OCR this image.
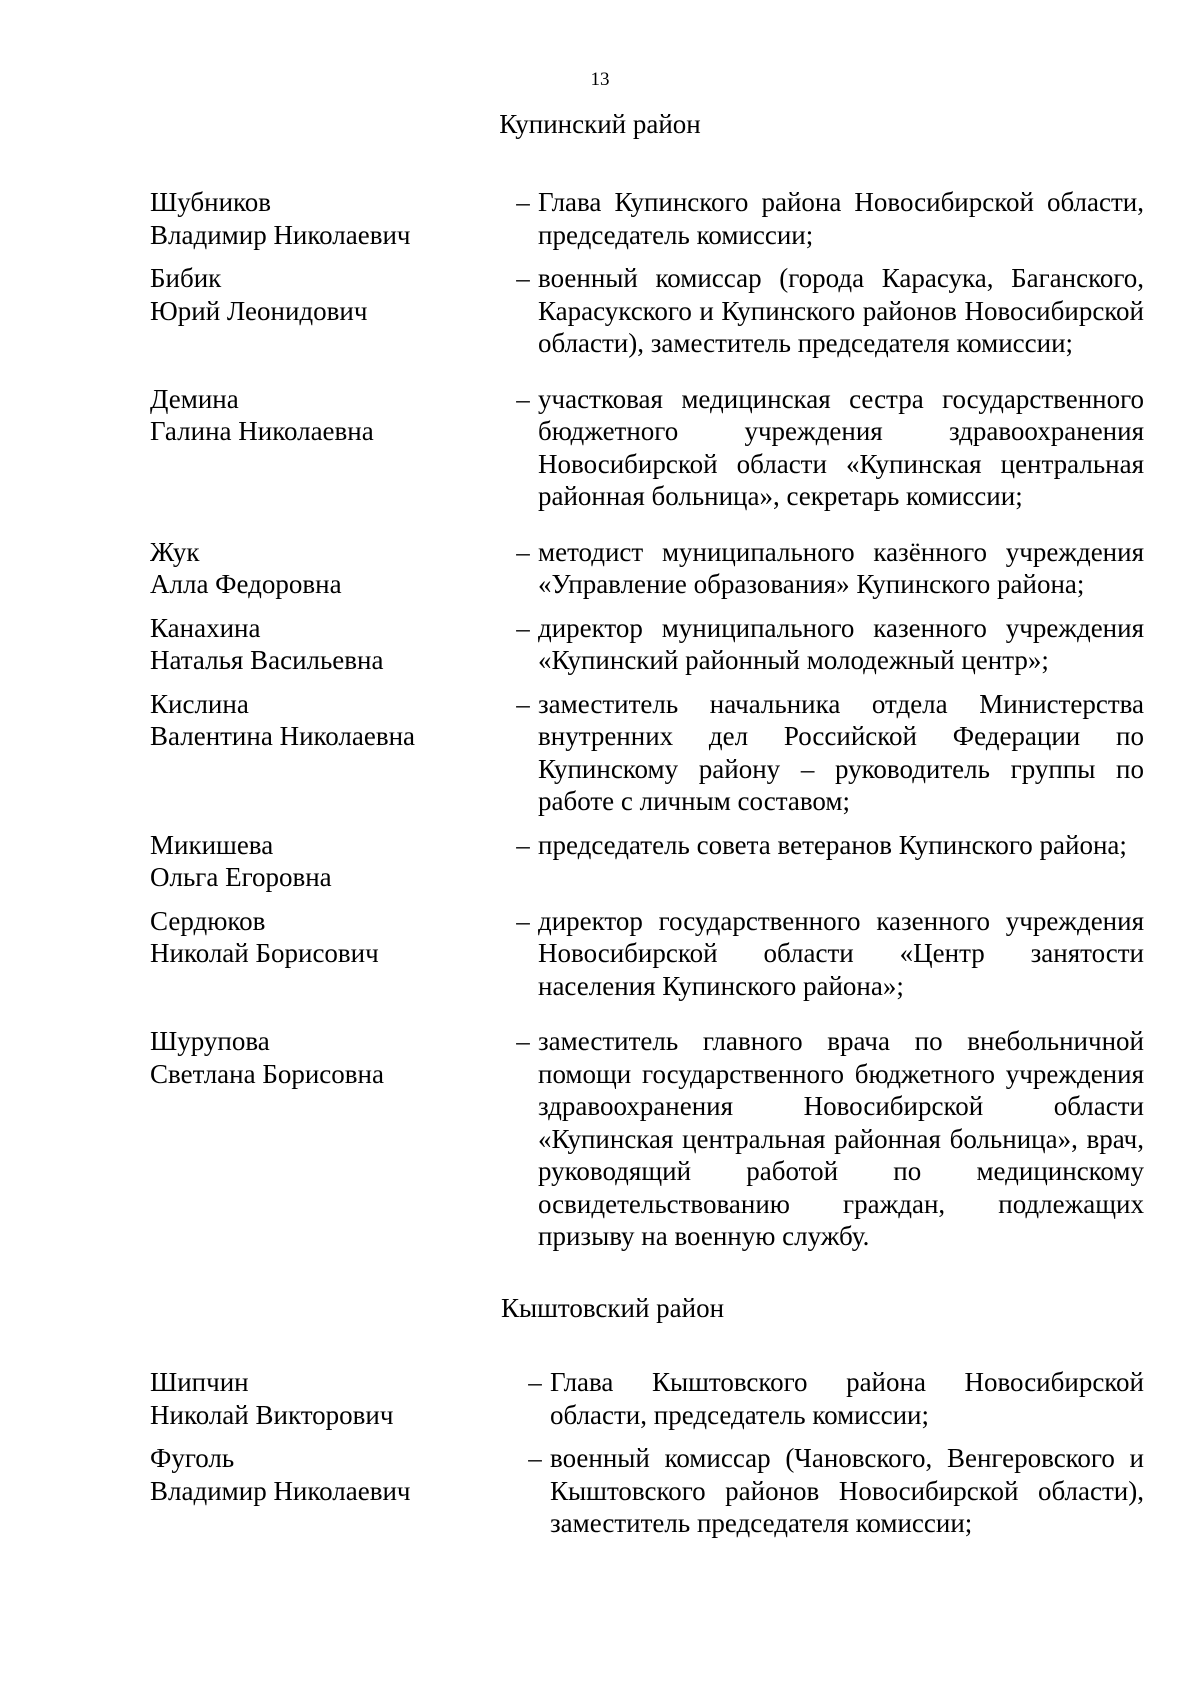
13
Купинский район
Шубников
Владимир Николаевич
– Глава Купинского района Новосибирской области, председатель комиссии;
Бибик
Юрий Леонидович
– военный комиссар (города Карасука, Баганского, Карасукского и Купинского районов Новосибирской области), заместитель председателя комиссии;
Демина
Галина Николаевна
– участковая медицинская сестра государственного бюджетного учреждения здравоохранения Новосибирской области «Купинская центральная районная больница», секретарь комиссии;
Жук
Алла Федоровна
– методист муниципального казённого учреждения «Управление образования» Купинского района;
Канахина
Наталья Васильевна
– директор муниципального казенного учреждения «Купинский районный молодежный центр»;
Кислина
Валентина Николаевна
– заместитель начальника отдела Министерства внутренних дел Российской Федерации по Купинскому району – руководитель группы по работе с личным составом;
Микишева
Ольга Егоровна
– председатель совета ветеранов Купинского района;
Сердюков
Николай Борисович
– директор государственного казенного учреждения Новосибирской области «Центр занятости населения Купинского района»;
Шурупова
Светлана Борисовна
– заместитель главного врача по внебольничной помощи государственного бюджетного учреждения здравоохранения Новосибирской области «Купинская центральная районная больница», врач, руководящий работой по медицинскому освидетельствованию граждан, подлежащих призыву на военную службу.
Кыштовский район
Шипчин
Николай Викторович
– Глава Кыштовского района Новосибирской области, председатель комиссии;
Фуголь
Владимир Николаевич
– военный комиссар (Чановского, Венгеровского и Кыштовского районов Новосибирской области), заместитель председателя комиссии;
